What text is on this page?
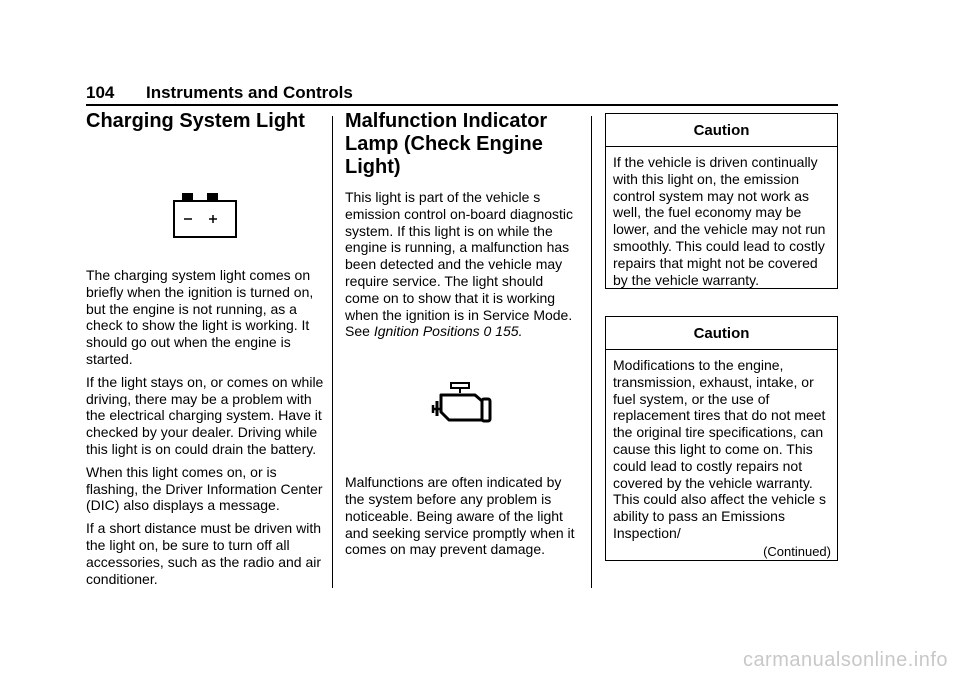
104 Instruments and Controls
Charging System Light

The charging system light comes on briefly when the ignition is turned on, but the engine is not running, as a check to show the light is working. It should go out when the engine is started.

If the light stays on, or comes on while driving, there may be a problem with the electrical charging system. Have it checked by your dealer. Driving while this light is on could drain the battery.

When this light comes on, or is flashing, the Driver Information Center (DIC) also displays a message.

If a short distance must be driven with the light on, be sure to turn off all accessories, such as the radio and air conditioner.

Malfunction Indicator Lamp (Check Engine Light)

This light is part of the vehicle s emission control on-board diagnostic system. If this light is on while the engine is running, a malfunction has been detected and the vehicle may require service. The light should come on to show that it is working when the ignition is in Service Mode. See Ignition Positions 0 155.

Malfunctions are often indicated by the system before any problem is noticeable. Being aware of the light and seeking service promptly when it comes on may prevent damage.

Caution

If the vehicle is driven continually with this light on, the emission control system may not work as well, the fuel economy may be lower, and the vehicle may not run smoothly. This could lead to costly repairs that might not be covered by the vehicle warranty.

Caution

Modifications to the engine, transmission, exhaust, intake, or fuel system, or the use of replacement tires that do not meet the original tire specifications, can cause this light to come on. This could lead to costly repairs not covered by the vehicle warranty. This could also affect the vehicle s ability to pass an Emissions Inspection/

(Continued)
carmanualsonline.info
